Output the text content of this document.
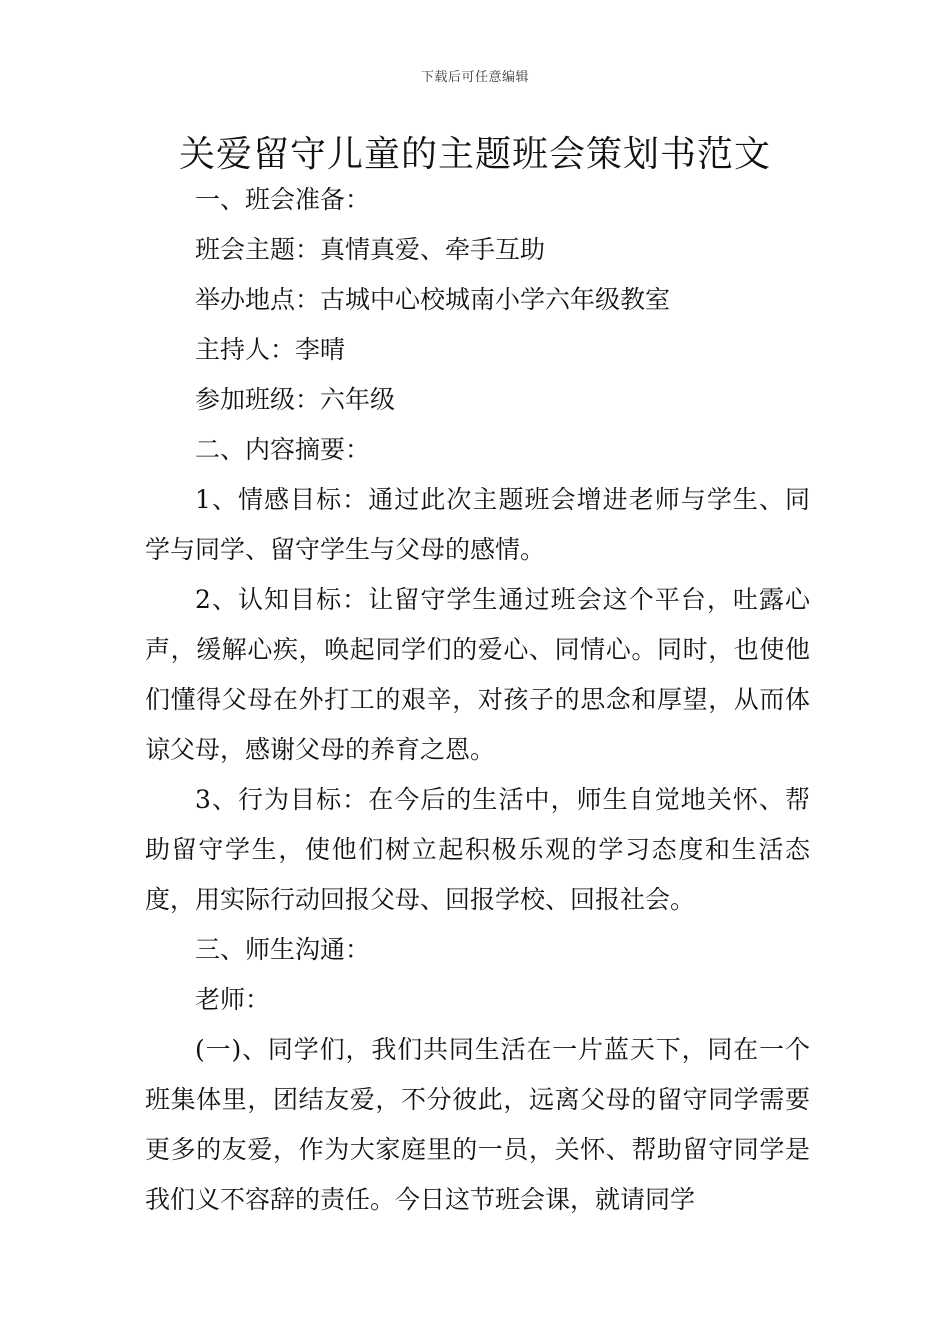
下载后可任意编辑
关爱留守儿童的主题班会策划书范文

一、班会准备：

班会主题：真情真爱、牵手互助

举办地点：古城中心校城南小学六年级教室

主持人：李晴

参加班级：六年级

二、内容摘要：

1、情感目标：通过此次主题班会增进老师与学生、同学与同学、留守学生与父母的感情。

2、认知目标：让留守学生通过班会这个平台，吐露心声，缓解心疾，唤起同学们的爱心、同情心。同时，也使他们懂得父母在外打工的艰辛，对孩子的思念和厚望，从而体谅父母，感谢父母的养育之恩。

3、行为目标：在今后的生活中，师生自觉地关怀、帮助留守学生，使他们树立起积极乐观的学习态度和生活态度，用实际行动回报父母、回报学校、回报社会。

三、师生沟通：

老师：

(一)、同学们，我们共同生活在一片蓝天下，同在一个班集体里，团结友爱，不分彼此，远离父母的留守同学需要更多的友爱，作为大家庭里的一员，关怀、帮助留守同学是我们义不容辞的责任。今日这节班会课，就请同学
